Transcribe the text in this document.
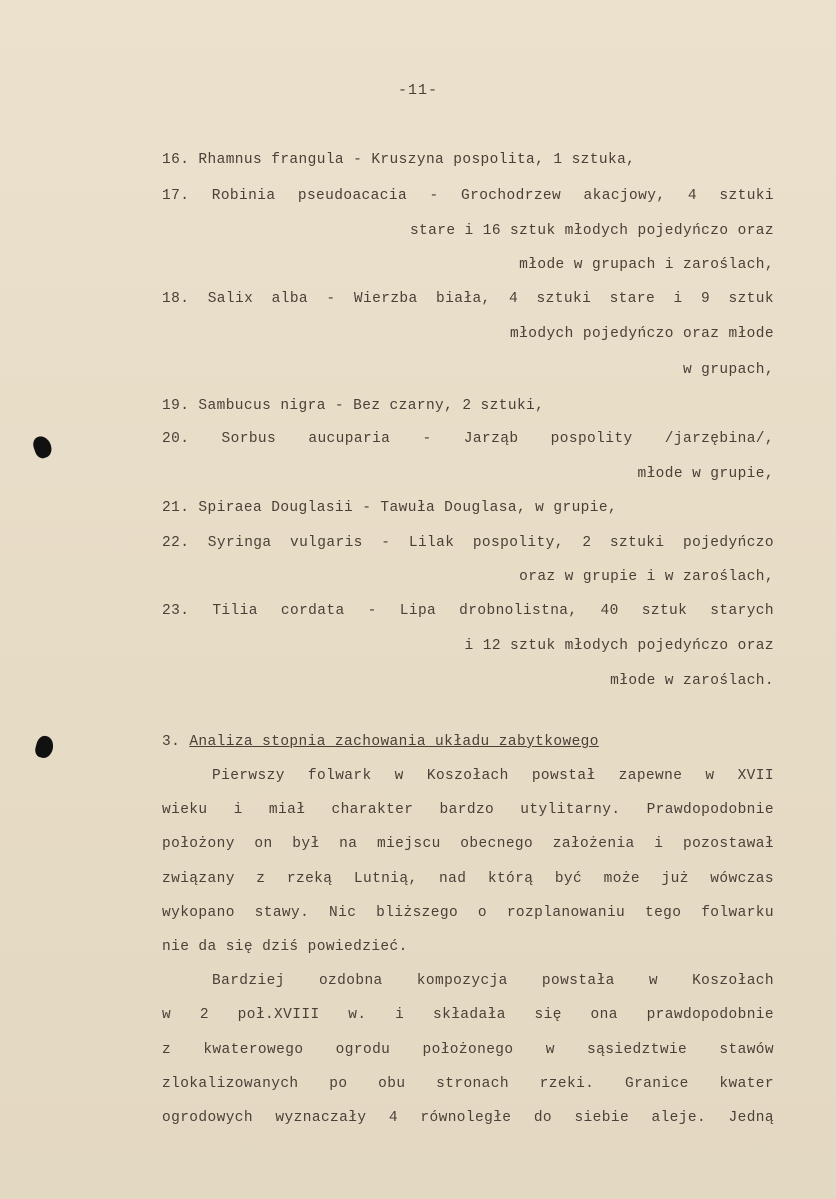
-11-
16. Rhamnus frangula - Kruszyna pospolita, 1 sztuka,
17. Robinia pseudoacacia - Grochodrzew akacjowy, 4 sztuki
stare i 16 sztuk młodych pojedyńczo oraz
młode w grupach i zaroślach,
18. Salix alba - Wierzba biała, 4 sztuki stare i 9 sztuk
młodych pojedyńczo oraz młode
w grupach,
19. Sambucus nigra - Bez czarny, 2 sztuki,
20. Sorbus aucuparia - Jarząb pospolity /jarzębina/,
młode w grupie,
21. Spiraea Douglasii - Tawuła Douglasa, w grupie,
22. Syringa vulgaris - Lilak pospolity, 2 sztuki pojedyńczo
oraz w grupie i w zaroślach,
23. Tilia cordata - Lipa drobnolistna, 40 sztuk starych
i 12 sztuk młodych pojedyńczo oraz
młode w zaroślach.
3. Analiza stopnia zachowania układu zabytkowego
Pierwszy folwark w Koszołach powstał zapewne w XVII
wieku i miał charakter bardzo utylitarny. Prawdopodobnie
położony on był na miejscu obecnego założenia i pozostawał
związany z rzeką Lutnią, nad którą być może już wówczas
wykopano stawy. Nic bliższego o rozplanowaniu tego folwarku
nie da się dziś powiedzieć.
Bardziej ozdobna kompozycja powstała w Koszołach
w 2 poł.XVIII w. i składała się ona prawdopodobnie
z kwaterowego ogrodu położonego w sąsiedztwie stawów
zlokalizowanych po obu stronach rzeki. Granice kwater
ogrodowych wyznaczały 4 równoległe do siebie aleje. Jedną
